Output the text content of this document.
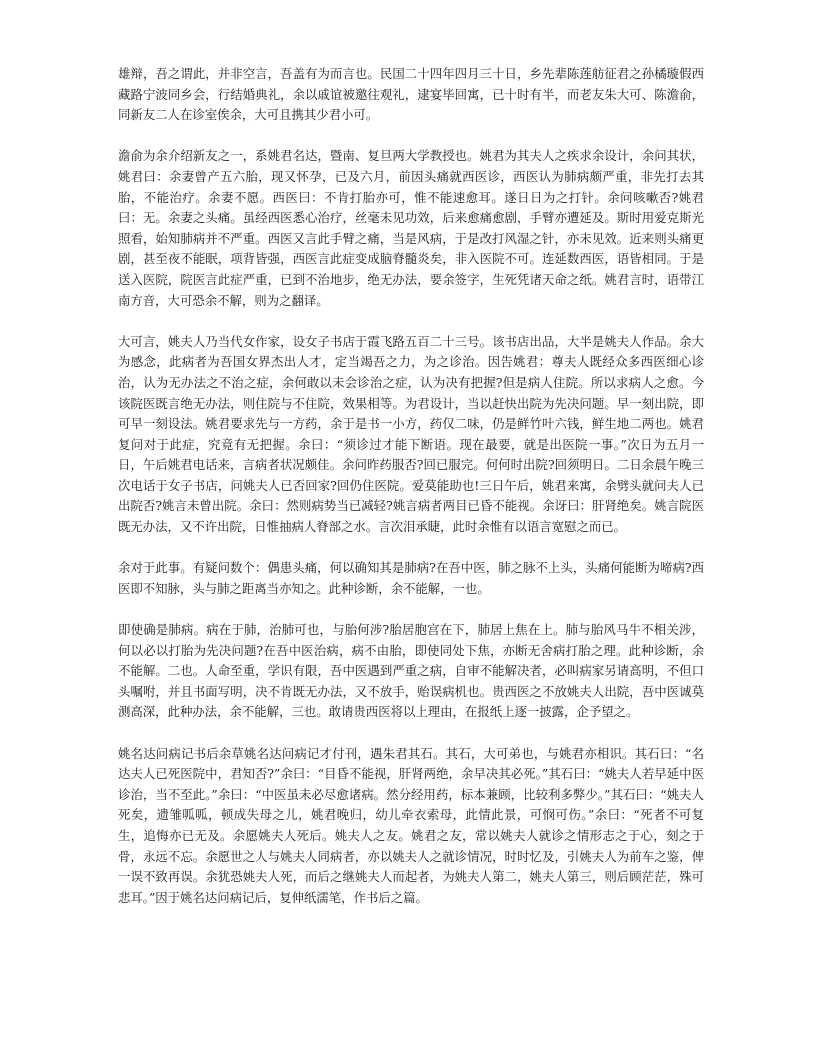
雄辩，吾之谓此，并非空言，吾盖有为而言也。民国二十四年四月三十日，乡先辈陈莲舫征君之孙橘璇假西藏路宁波同乡会，行结婚典礼，余以戚谊被邀往观礼，逮宴毕回寓，已十时有半，而老友朱大可、陈澹俞，同新友二人在诊室俟余，大可且携其少君小可。

澹俞为余介绍新友之一，系姚君名达，暨南、复旦两大学教授也。姚君为其夫人之疾求余设计，余问其状，姚君曰：余妻曾产五六胎，现又怀孕，已及六月，前因头痛就西医诊，西医认为肺病颇严重，非先打去其胎，不能治疗。余妻不愿。西医曰：不肯打胎亦可，惟不能速愈耳。遂日日为之打针。余问咳嗽否?姚君曰：无。余妻之头痛。虽经西医悉心治疗，丝毫未见功效，后来愈痛愈剧，手臂亦遭延及。斯时用爱克斯光照看，始知肺病并不严重。西医又言此手臂之痛，当是风病，于是改打风湿之针，亦未见效。近来则头痛更剧，甚至夜不能眠，项背皆强，西医言此症变成脑脊髓炎矣，非入医院不可。连延数西医，语皆相同。于是送入医院，院医言此症严重，已到不治地步，绝无办法，要余签字，生死凭诸天命之纸。姚君言时，语带江南方音，大可恐余不解，则为之翻译。

大可言，姚夫人乃当代女作家，设女子书店于霞飞路五百二十三号。该书店出品，大半是姚夫人作品。余大为感念，此病者为吾国女界杰出人才，定当竭吾之力，为之诊治。因告姚君：尊夫人既经众多西医细心诊治，认为无办法之不治之症，余何敢以未会诊治之症，认为决有把握?但是病人住院。所以求病人之愈。今该院医既言绝无办法，则住院与不住院，效果相等。为君设计，当以赶快出院为先决问题。早一刻出院，即可早一刻设法。姚君要求先与一方药，余于是书一小方，药仅二味，仍是鲜竹叶六钱，鲜生地二两也。姚君复问对于此症，究竟有无把握。余曰：“须诊过才能下断语。现在最要，就是出医院一事。”次日为五月一日，午后姚君电话来，言病者状况颇佳。余问昨药服否?回已服完。何何时出院?回须明日。二日余晨午晚三次电话于女子书店，问姚夫人已否回家?回仍住医院。爱莫能助也!三日午后，姚君来寓，余劈头就问夫人已出院否?姚言未曾出院。余曰：然则病势当已减轻?姚言病者两目已昏不能视。余讶曰：肝肾绝矣。姚言院医既无办法，又不许出院，日惟抽病人脊部之水。言次泪承睫，此时余惟有以语言宽慰之而已。

余对于此事。有疑问数个：偶患头痛，何以确知其是肺病?在吾中医，肺之脉不上头，头痛何能断为啼病?西医即不知脉，头与肺之距离当亦知之。此种诊断，余不能解，一也。

即使确是肺病。病在于肺，治肺可也，与胎何涉?胎居胞宫在下，肺居上焦在上。肺与胎风马牛不相关涉，何以必以打胎为先决问题?在吾中医治病，病不由胎，即使同处下焦，亦断无舍病打胎之理。此种诊断，余不能解。二也。人命至重，学识有限，吾中医遇到严重之病，自审不能解决者，必叫病家另请高明，不但口头嘱咐，并且书面写明，决不肯既无办法，又不放手，贻误病机也。贵西医之不放姚夫人出院，吾中医诚莫测高深，此种办法，余不能解，三也。敢请贵西医将以上理由，在报纸上逐一披露，企予望之。

姚名达问病记书后余草姚名达问病记才付刊，遇朱君其石。其石，大可弟也，与姚君亦相识。其石曰：“名达夫人已死医院中，君知否?”余曰：“目昏不能视，肝肾两绝，余早决其必死。”其石曰：“姚夫人若早延中医诊治，当不至此。”余曰：“中医虽未必尽愈诸病。然分经用药，标本兼顾，比较利多弊少。”其石曰：“姚夫人死矣，遗雏呱呱，顿成失母之儿，姚君晚归，幼儿牵衣索母，此情此景，可悯可伤。”余曰：“死者不可复生，追悔亦已无及。余愿姚夫人死后。姚夫人之友。姚君之友，常以姚夫人就诊之情形志之于心，刻之于骨，永远不忘。余愿世之人与姚夫人同病者，亦以姚夫人之就诊情况，时时忆及，引姚夫人为前车之鉴，俾一误不致再误。余犹恐姚夫人死，而后之继姚夫人而起者，为姚夫人第二，姚夫人第三，则后顾茫茫，殊可悲耳。”因于姚名达问病记后，复伸纸濡笔，作书后之篇。
